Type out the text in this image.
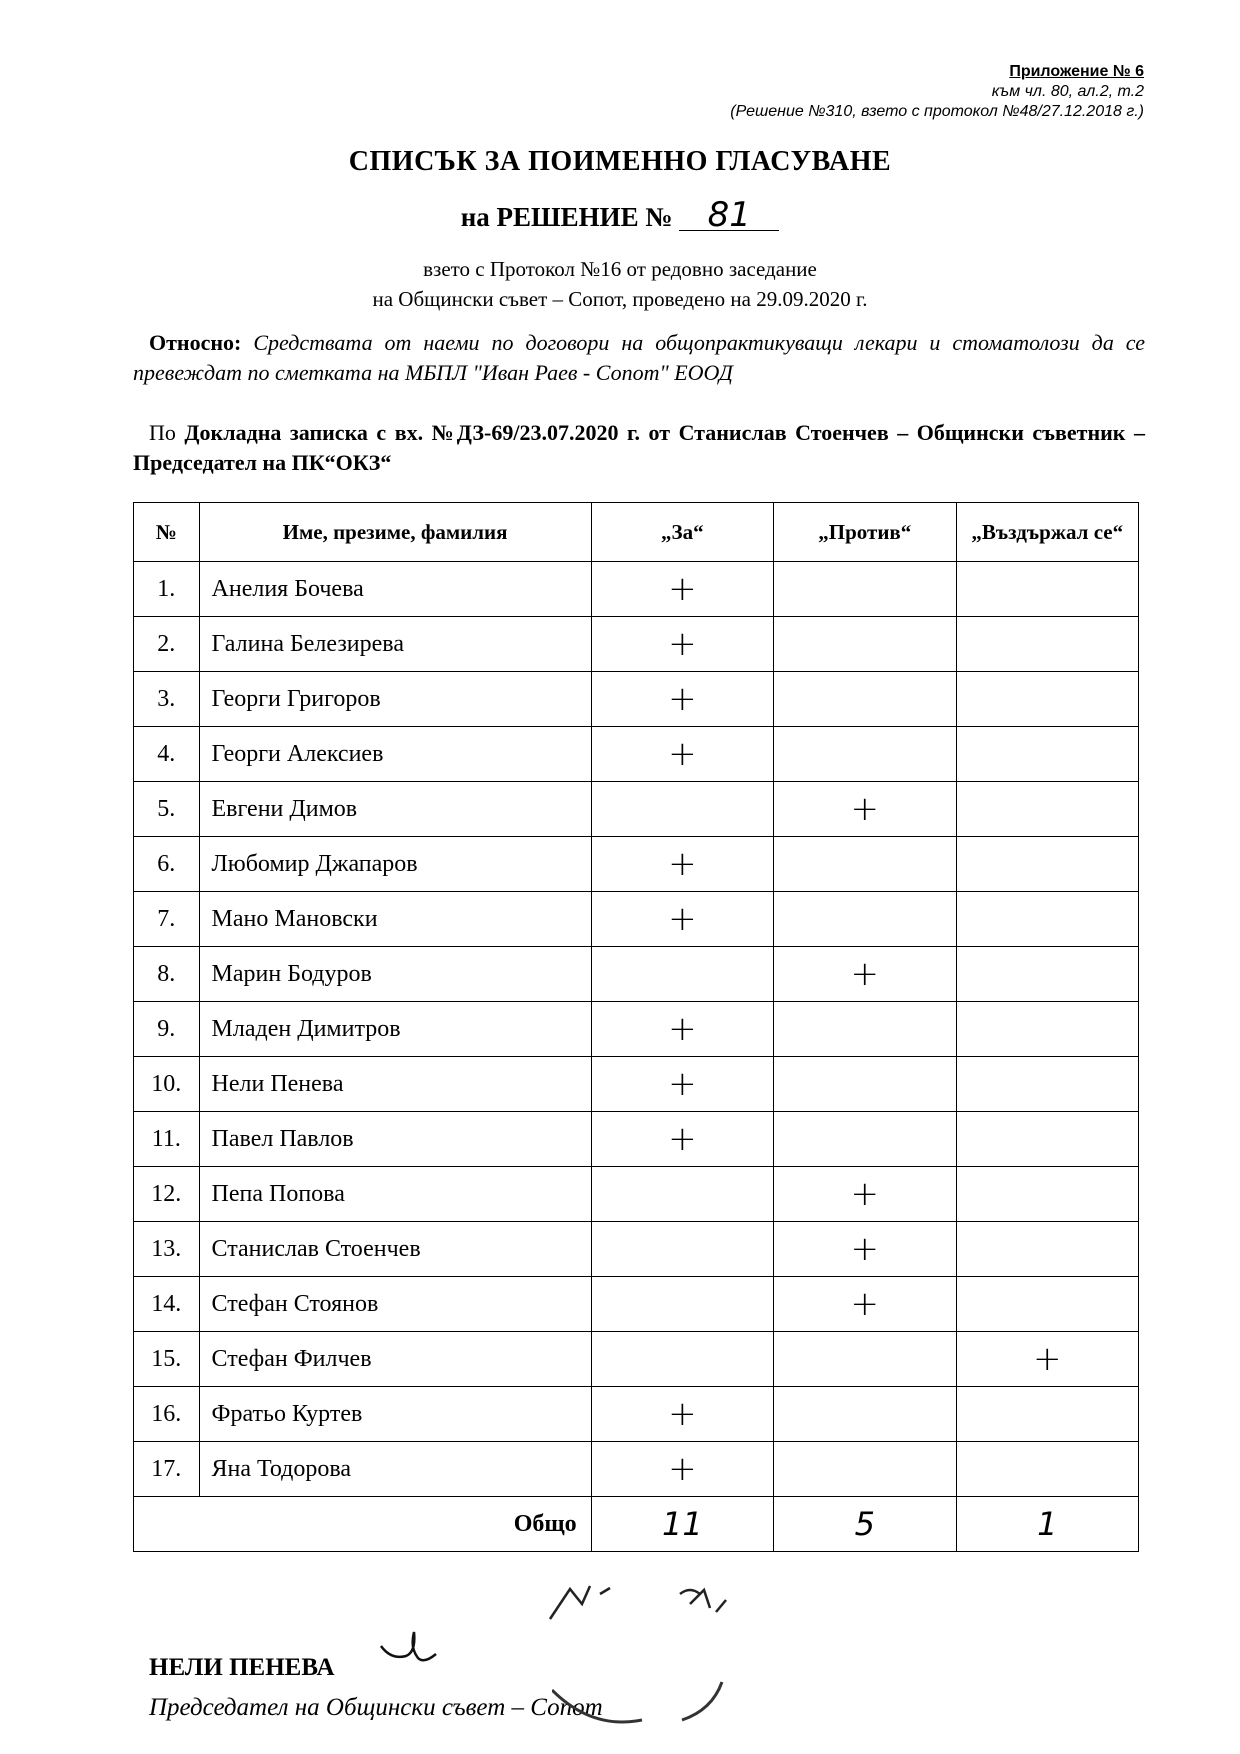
Приложение № 6
към чл. 80, ал.2, т.2
(Решение №310, взето с протокол №48/27.12.2018 г.)
СПИСЪК ЗА ПОИМЕННО ГЛАСУВАНЕ
на РЕШЕНИЕ № 81
взето с Протокол №16 от редовно заседание
на Общински съвет – Сопот, проведено на 29.09.2020 г.
Относно: Средствата от наеми по договори на общопрактикуващи лекари и стоматолози да се превеждат по сметката на МБПЛ "Иван Раев - Сопот" ЕООД
По Докладна записка с вх. №ДЗ-69/23.07.2020 г. от Станислав Стоенчев – Общински съветник – Председател на ПК“ОКЗ“
№	Име, презиме, фамилия	„За“	„Против“	„Въздържал се“
1.	Анелия Бочева	+		
2.	Галина Белезирева	+		
3.	Георги Григоров	+		
4.	Георги Алексиев	+		
5.	Евгени Димов		+	
6.	Любомир Джапаров	+		
7.	Мано Мановски	+		
8.	Марин Бодуров		+	
9.	Младен Димитров	+		
10.	Нели Пенева	+		
11.	Павел Павлов	+		
12.	Пепа Попова		+	
13.	Станислав Стоенчев		+	
14.	Стефан Стоянов		+	
15.	Стефан Филчев			+
16.	Фратьо Куртев	+		
17.	Яна Тодорова	+		
Общо		11	5	1
НЕЛИ ПЕНЕВА
Председател на Общински съвет – Сопот
